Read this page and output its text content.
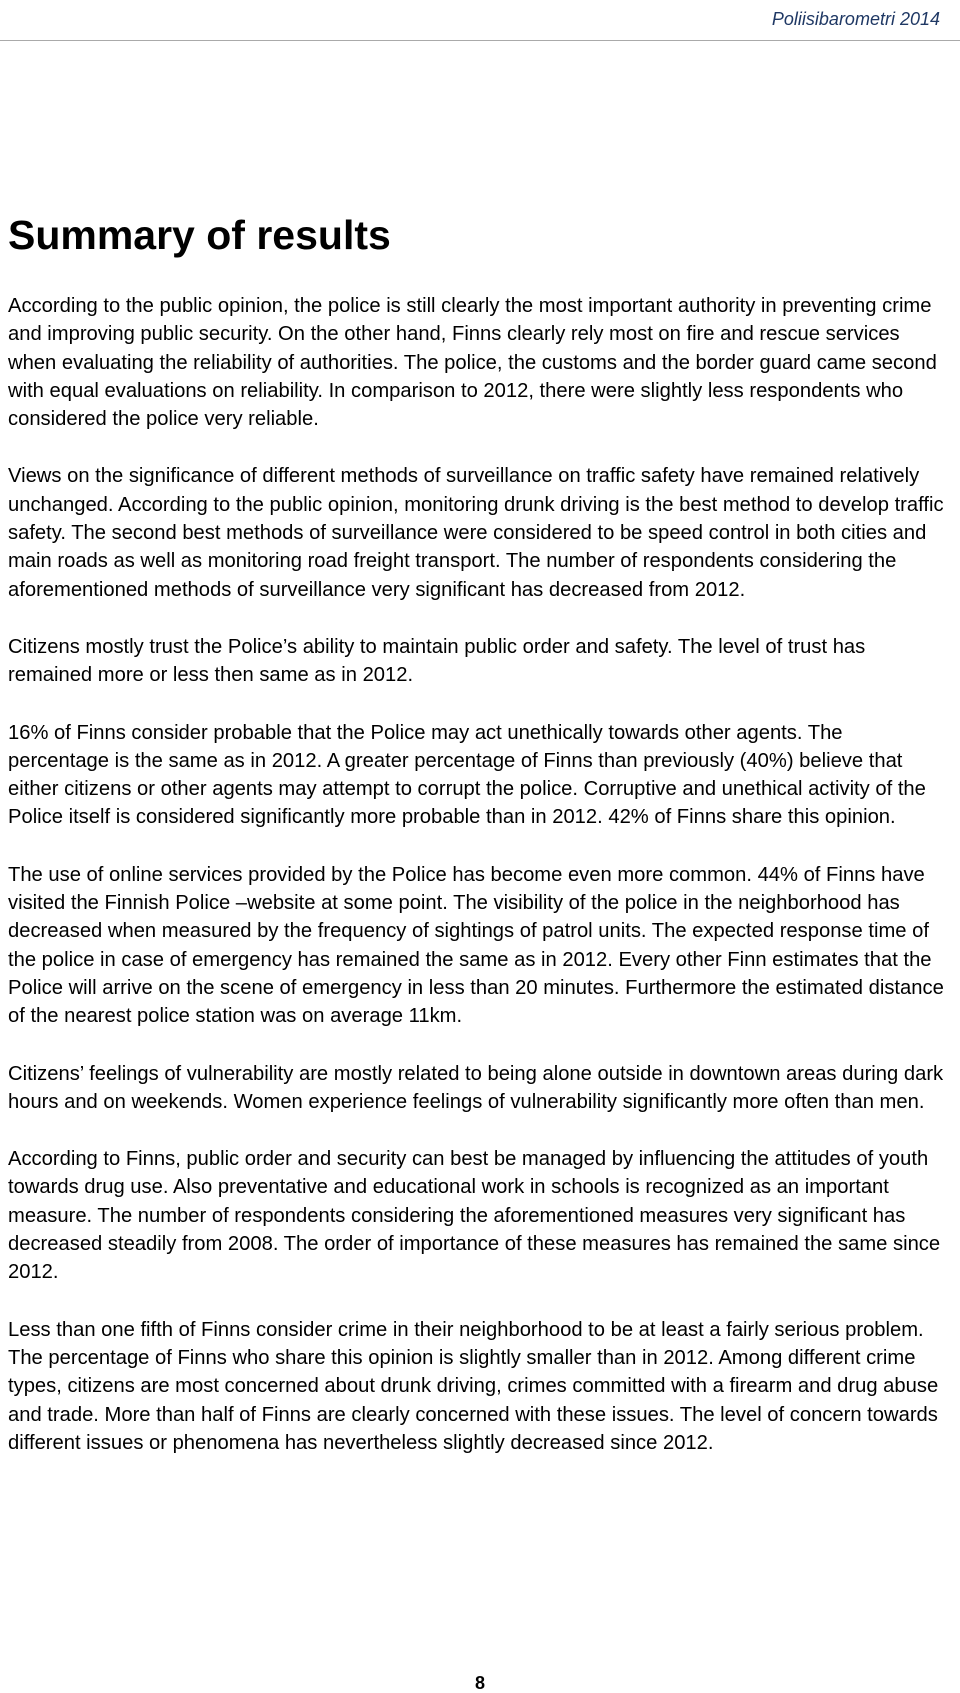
Poliisibarometri 2014
Summary of results

According to the public opinion, the police is still clearly the most important authority in preventing crime and improving public security. On the other hand, Finns clearly rely most on fire and rescue services when evaluating the reliability of authorities. The police, the customs and the border guard came second with equal evaluations on reliability. In comparison to 2012, there were slightly less respondents who considered the police very reliable.

Views on the significance of different methods of surveillance on traffic safety have remained relatively unchanged. According to the public opinion, monitoring drunk driving is the best method to develop traffic safety. The second best methods of surveillance were considered to be speed control in both cities and main roads as well as monitoring road freight transport. The number of respondents considering the aforementioned methods of surveillance very significant has decreased from 2012.

Citizens mostly trust the Police’s ability to maintain public order and safety. The level of trust has remained more or less then same as in 2012.

16% of Finns consider probable that the Police may act unethically towards other agents. The percentage is the same as in 2012. A greater percentage of Finns than previously (40%) believe that either citizens or other agents may attempt to corrupt the police. Corruptive and unethical activity of the Police itself is considered significantly more probable than in 2012. 42% of Finns share this opinion.

The use of online services provided by the Police has become even more common. 44% of Finns have visited the Finnish Police –website at some point. The visibility of the police in the neighborhood has decreased when measured by the frequency of sightings of patrol units. The expected response time of the police in case of emergency has remained the same as in 2012. Every other Finn estimates that the Police will arrive on the scene of emergency in less than 20 minutes. Furthermore the estimated distance of the nearest police station was on average 11km.

Citizens’ feelings of vulnerability are mostly related to being alone outside in downtown areas during dark hours and on weekends. Women experience feelings of vulnerability significantly more often than men.

According to Finns, public order and security can best be managed by influencing the attitudes of youth towards drug use. Also preventative and educational work in schools is recognized as an important measure. The number of respondents considering the aforementioned measures very significant has decreased steadily from 2008. The order of importance of these measures has remained the same since 2012.

Less than one fifth of Finns consider crime in their neighborhood to be at least a fairly serious problem. The percentage of Finns who share this opinion is slightly smaller than in 2012. Among different crime types, citizens are most concerned about drunk driving, crimes committed with a firearm and drug abuse and trade. More than half of Finns are clearly concerned with these issues. The level of concern towards different issues or phenomena has nevertheless slightly decreased since 2012.

8
